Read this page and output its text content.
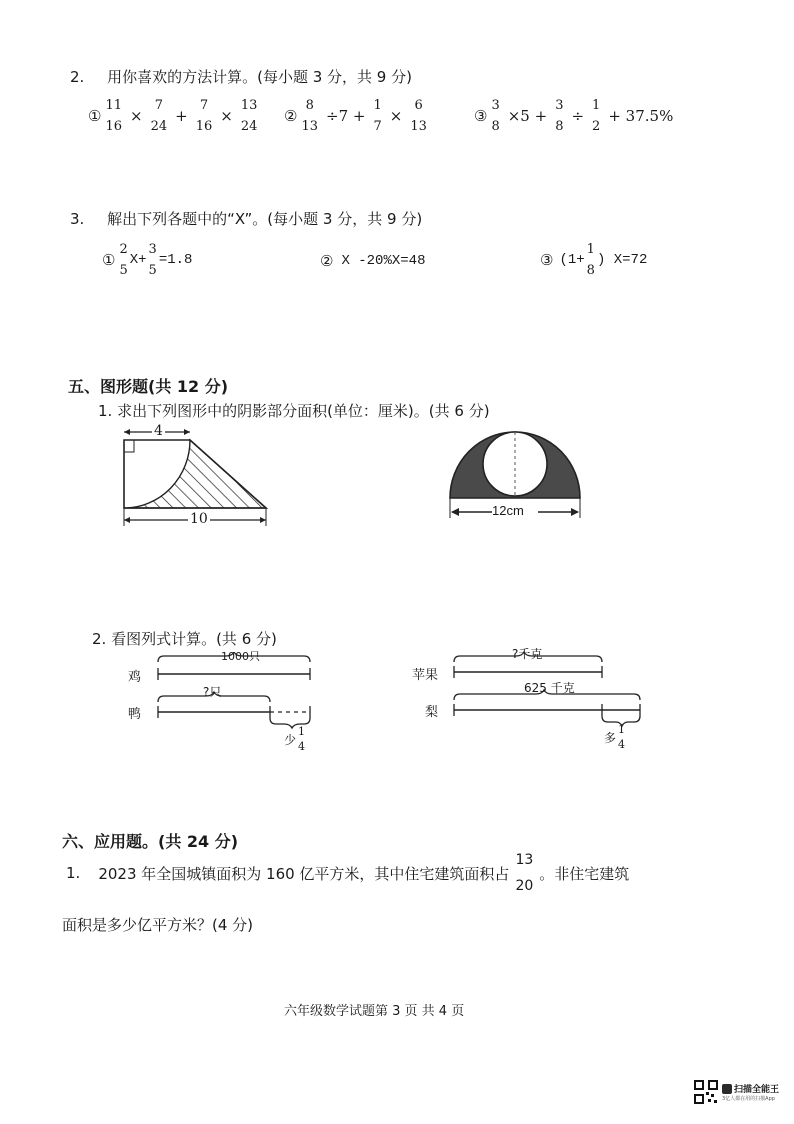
2. 用你喜欢的方法计算。(每小题 3 分，共 9 分)
①
11
16
×
7
24
+
7
16
×
13
24
②
8
13
÷7 +
1
7
×
6
13
③
3
8
×5 +
3
8
÷
1
2
+ 37.5%
3. 解出下列各题中的“X”。(每小题 3 分，共 9 分)
①
2
5
X+
3
5
=1.8	② X -20%X=48	③ (1+
1
8
) X=72
五、图形题(共 12 分)
1. 求出下列图形中的阴影部分面积(单位：厘米)。(共 6 分)
4
10
12cm
2. 看图列式计算。(共 6 分)
1000只
鸡
?只
鸭
少
1
4
?千克
苹果
625 千克
梨
多
1
4
六、应用题。(共 24 分)
1. 2023 年全国城镇面积为 160 亿平方米，其中住宅建筑面积占
13
20
。非住宅建筑
面积是多少亿平方米？(4 分)
六年级数学试题第 3 页 共 4 页
扫描全能王
3亿人都在用的扫描App
